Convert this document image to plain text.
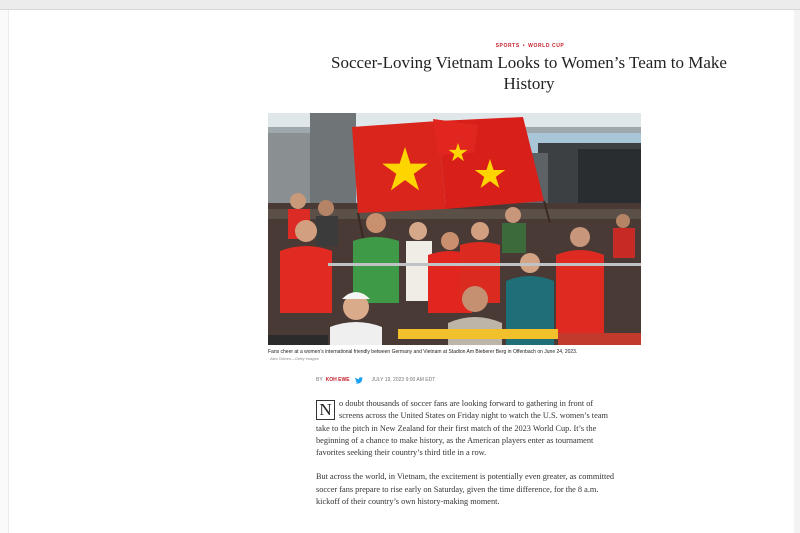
SPORTS • WORLD CUP
Soccer-Loving Vietnam Looks to Women’s Team to Make History
Fans cheer at a women’s international friendly between Germany and Vietnam at Stadion Am Bieberer Berg in Offenbach on June 24, 2023.
Alex Grimm—Getty Images
BY KOH EWE	JULY 19, 2023 9:00 AM EDT

N o doubt thousands of soccer fans are looking forward to gathering in front of screens across the United States on Friday night to watch the U.S. women’s team take to the pitch in New Zealand for their first match of the 2023 World Cup. It’s the beginning of a chance to make history, as the American players enter as tournament favorites seeking their country’s third title in a row.

But across the world, in Vietnam, the excitement is potentially even greater, as committed soccer fans prepare to rise early on Saturday, given the time difference, for the 8 a.m. kickoff of their country’s own history-making moment.
